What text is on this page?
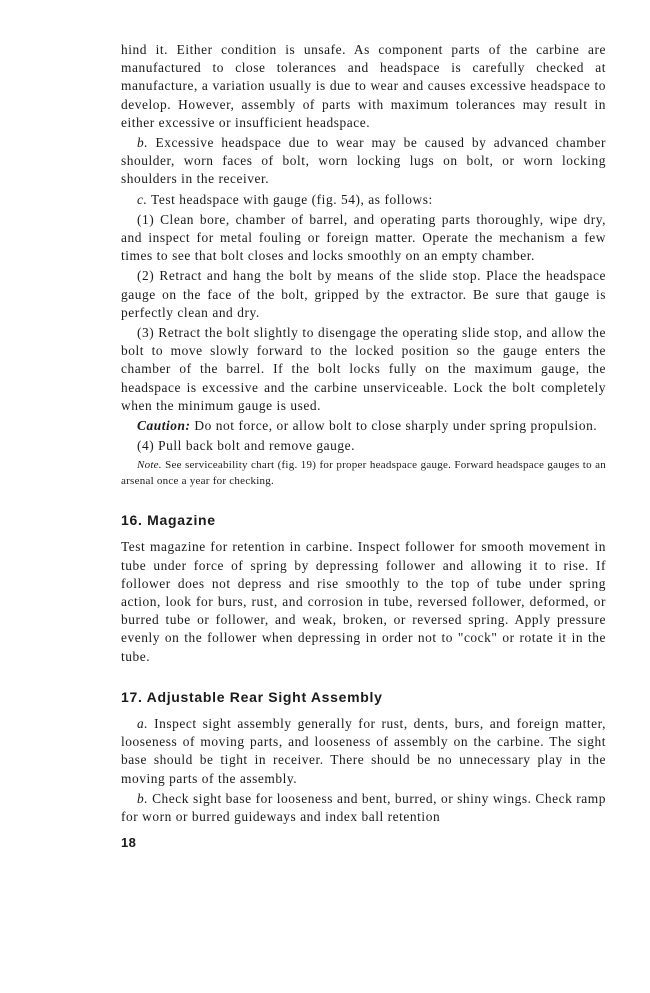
hind it. Either condition is unsafe. As component parts of the carbine are manufactured to close tolerances and headspace is carefully checked at manufacture, a variation usually is due to wear and causes excessive headspace to develop. However, assembly of parts with maximum tolerances may result in either excessive or insufficient headspace.

b. Excessive headspace due to wear may be caused by advanced chamber shoulder, worn faces of bolt, worn locking lugs on bolt, or worn locking shoulders in the receiver.

c. Test headspace with gauge (fig. 54), as follows:

(1) Clean bore, chamber of barrel, and operating parts thoroughly, wipe dry, and inspect for metal fouling or foreign matter. Operate the mechanism a few times to see that bolt closes and locks smoothly on an empty chamber.

(2) Retract and hang the bolt by means of the slide stop. Place the headspace gauge on the face of the bolt, gripped by the extractor. Be sure that gauge is perfectly clean and dry.

(3) Retract the bolt slightly to disengage the operating slide stop, and allow the bolt to move slowly forward to the locked position so the gauge enters the chamber of the barrel. If the bolt locks fully on the maximum gauge, the headspace is excessive and the carbine unserviceable. Lock the bolt completely when the minimum gauge is used.

Caution: Do not force, or allow bolt to close sharply under spring propulsion.

(4) Pull back bolt and remove gauge.

Note. See serviceability chart (fig. 19) for proper headspace gauge. Forward headspace gauges to an arsenal once a year for checking.

16. Magazine

Test magazine for retention in carbine. Inspect follower for smooth movement in tube under force of spring by depressing follower and allowing it to rise. If follower does not depress and rise smoothly to the top of tube under spring action, look for burs, rust, and corrosion in tube, reversed follower, deformed, or burred tube or follower, and weak, broken, or reversed spring. Apply pressure evenly on the follower when depressing in order not to "cock" or rotate it in the tube.

17. Adjustable Rear Sight Assembly

a. Inspect sight assembly generally for rust, dents, burs, and foreign matter, looseness of moving parts, and looseness of assembly on the carbine. The sight base should be tight in receiver. There should be no unnecessary play in the moving parts of the assembly.

b. Check sight base for looseness and bent, burred, or shiny wings. Check ramp for worn or burred guideways and index ball retention

18
